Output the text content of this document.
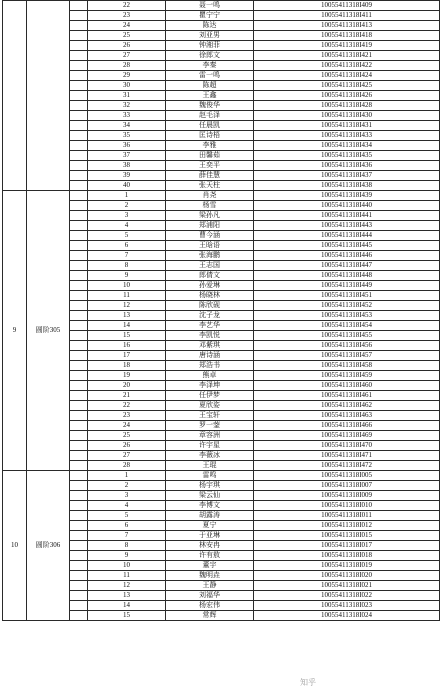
			22	聂一鸣	10055411318I409	
			23	瞿宁宁	10055411318I411	
			24	陈达	10055411318I413	
			25	刘亚男	10055411318I418	
			26	钟湘菲	10055411318I419	
			27	徐郎文	10055411318I421	
			28	李秦	10055411318I422	
			29	雷一鸣	10055411318I424	
			30	陈超	10055411318I425	
			31	王鑫	10055411318I426	
			32	魏俊华	10055411318I428	
			33	赵毛泽	10055411318I430	
			34	任晨凯	10055411318I431	
			35	匡诗梧	10055411318I433	
			36	李雅	10055411318I434	
			37	田馨茹	10055411318I435	
			38	王奕平	10055411318I436	
			39	薛佳慧	10055411318I437	
			40	张天柱	10055411318I438	
9	圆阶305		1	肖尧	10055411318I439	
			2	杨雪	10055411318I440	
			3	梁孙凡	10055411318I441	
			4	郑浦阳	10055411318I443	
			5	曹今涵	10055411318I444	
			6	王晗语	10055411318I445	
			7	张海鹏	10055411318I446	
			8	王志国	10055411318I447	
			9	郎倩文	10055411318I448	
			10	孙爱琳	10055411318I449	
			11	杨晓林	10055411318I451	
			12	陈欣砚	10055411318I452	
			13	沈子龙	10055411318I453	
			14	李艺华	10055411318I454	
			15	李凯悦	10055411318I455	
			16	邓紫琪	10055411318I456	
			17	唐诗涵	10055411318I457	
			18	郑浩书	10055411318I458	
			19	熊卓	10055411318I459	
			20	李泽坤	10055411318I460	
			21	任伊梦	10055411318I461	
			22	夏欣姿	10055411318I462	
			23	王宝轩	10055411318I463	
			24	罗一蓥	10055411318I466	
			25	章容洲	10055411318I469	
			26	许宇星	10055411318I470	
			27	李薇冰	10055411318I471	
			28	王琨	10055411318I472	
10	圆阶306		1	雷鸣	10055411318I005	
			2	杨宇琪	10055411318I007	
			3	梁云仙	10055411318I009	
			4	李博文	10055411318I010	
			5	胡露涛	10055411318I011	
			6	夏宁	10055411318I012	
			7	于亚琳	10055411318I015	
			8	林安冉	10055411318I017	
			9	许有敖	10055411318I018	
			10	董宇	10055411318I019	
			11	魏明垚	10055411318I020	
			12	王静	10055411318I021	
			13	刘福华	10055411318I022	
			14	杨宏伟	10055411318I023	
			15	常辉	10055411318I024	
知乎
